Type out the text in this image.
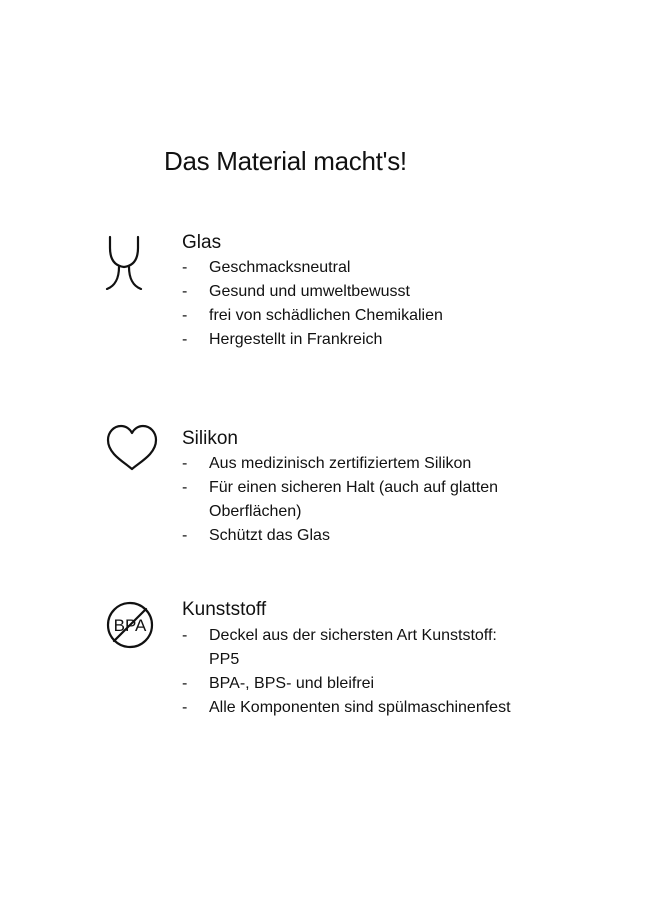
Das Material macht's!
Glas
- Geschmacksneutral
- Gesund und umweltbewusst
- frei von schädlichen Chemikalien
- Hergestellt in Frankreich
Silikon
- Aus medizinisch zertifiziertem Silikon
- Für einen sicheren Halt (auch auf glatten
Oberflächen)
- Schützt das Glas
BPA
Kunststoff
- Deckel aus der sichersten Art Kunststoff:
PP5
- BPA-, BPS- und bleifrei
- Alle Komponenten sind spülmaschinenfest
